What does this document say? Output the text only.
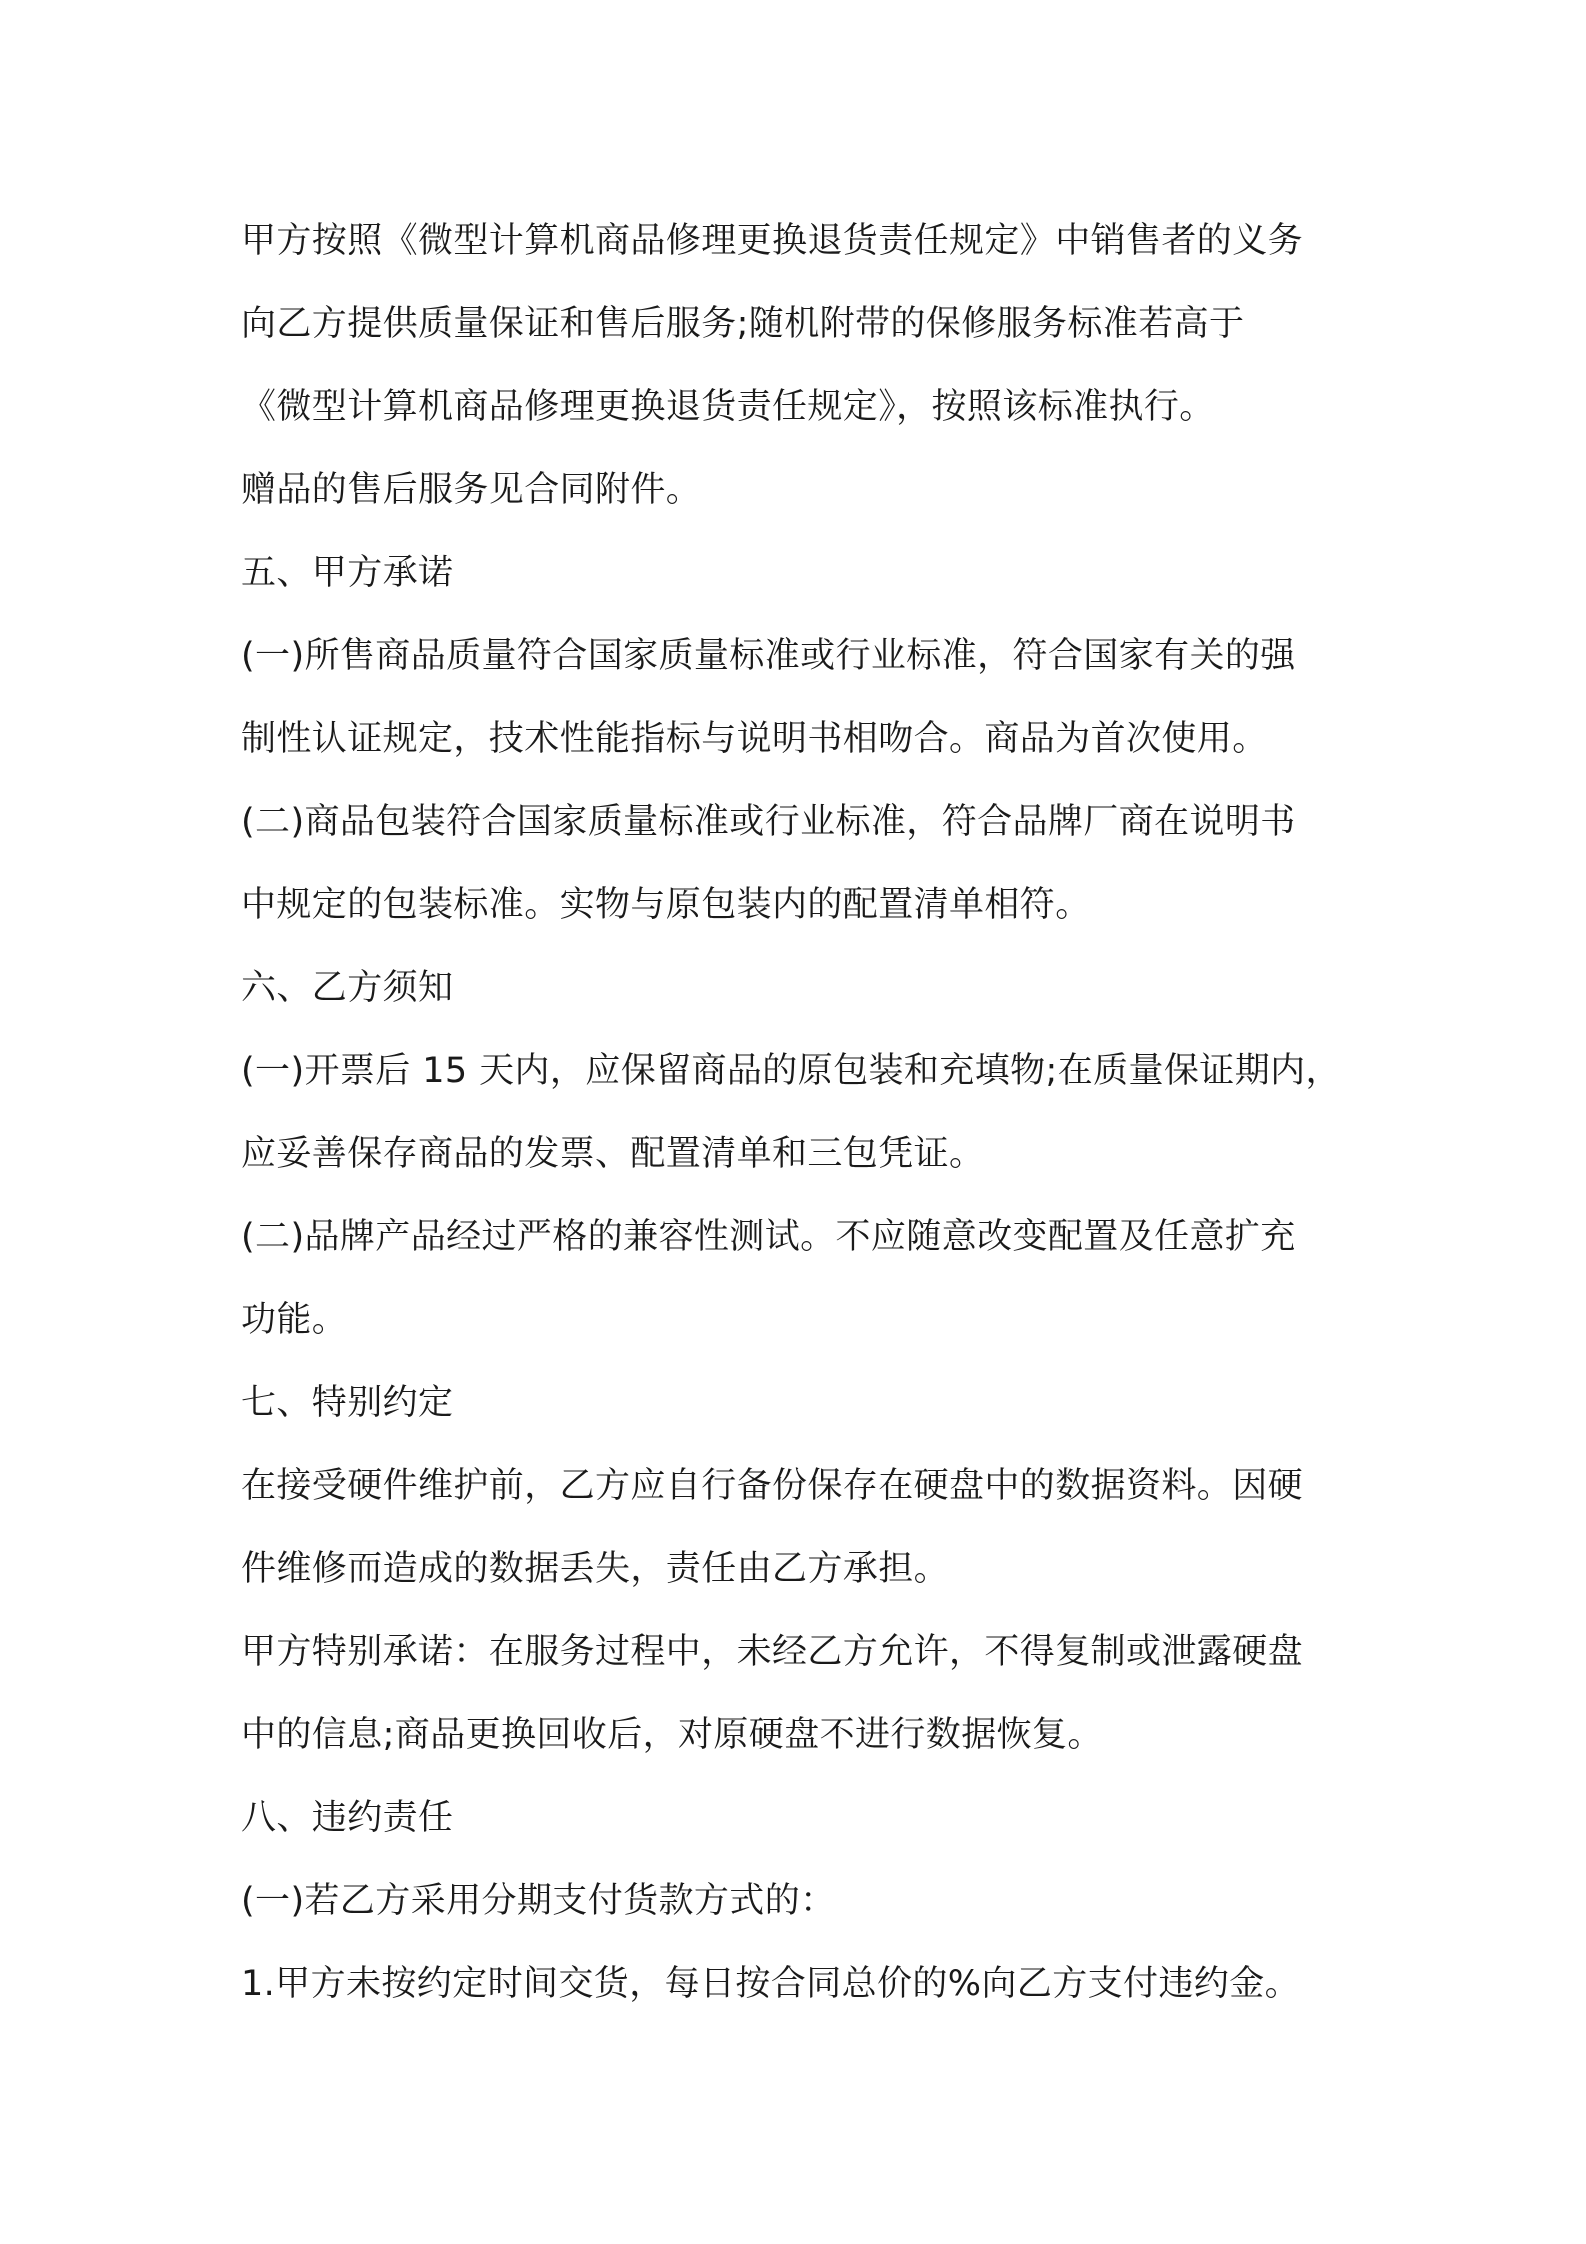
甲方按照《微型计算机商品修理更换退货责任规定》中销售者的义务

向乙方提供质量保证和售后服务;随机附带的保修服务标准若高于

《微型计算机商品修理更换退货责任规定》，按照该标准执行。

赠品的售后服务见合同附件。

五、甲方承诺

(一)所售商品质量符合国家质量标准或行业标准，符合国家有关的强

制性认证规定，技术性能指标与说明书相吻合。商品为首次使用。

(二)商品包装符合国家质量标准或行业标准，符合品牌厂商在说明书

中规定的包装标准。实物与原包装内的配置清单相符。

六、乙方须知

(一)开票后 15 天内，应保留商品的原包装和充填物;在质量保证期内，

应妥善保存商品的发票、配置清单和三包凭证。

(二)品牌产品经过严格的兼容性测试。不应随意改变配置及任意扩充

功能。

七、特别约定

在接受硬件维护前，乙方应自行备份保存在硬盘中的数据资料。因硬

件维修而造成的数据丢失，责任由乙方承担。

甲方特别承诺：在服务过程中，未经乙方允许，不得复制或泄露硬盘

中的信息;商品更换回收后，对原硬盘不进行数据恢复。

八、违约责任

(一)若乙方采用分期支付货款方式的：

1.甲方未按约定时间交货，每日按合同总价的%向乙方支付违约金。
